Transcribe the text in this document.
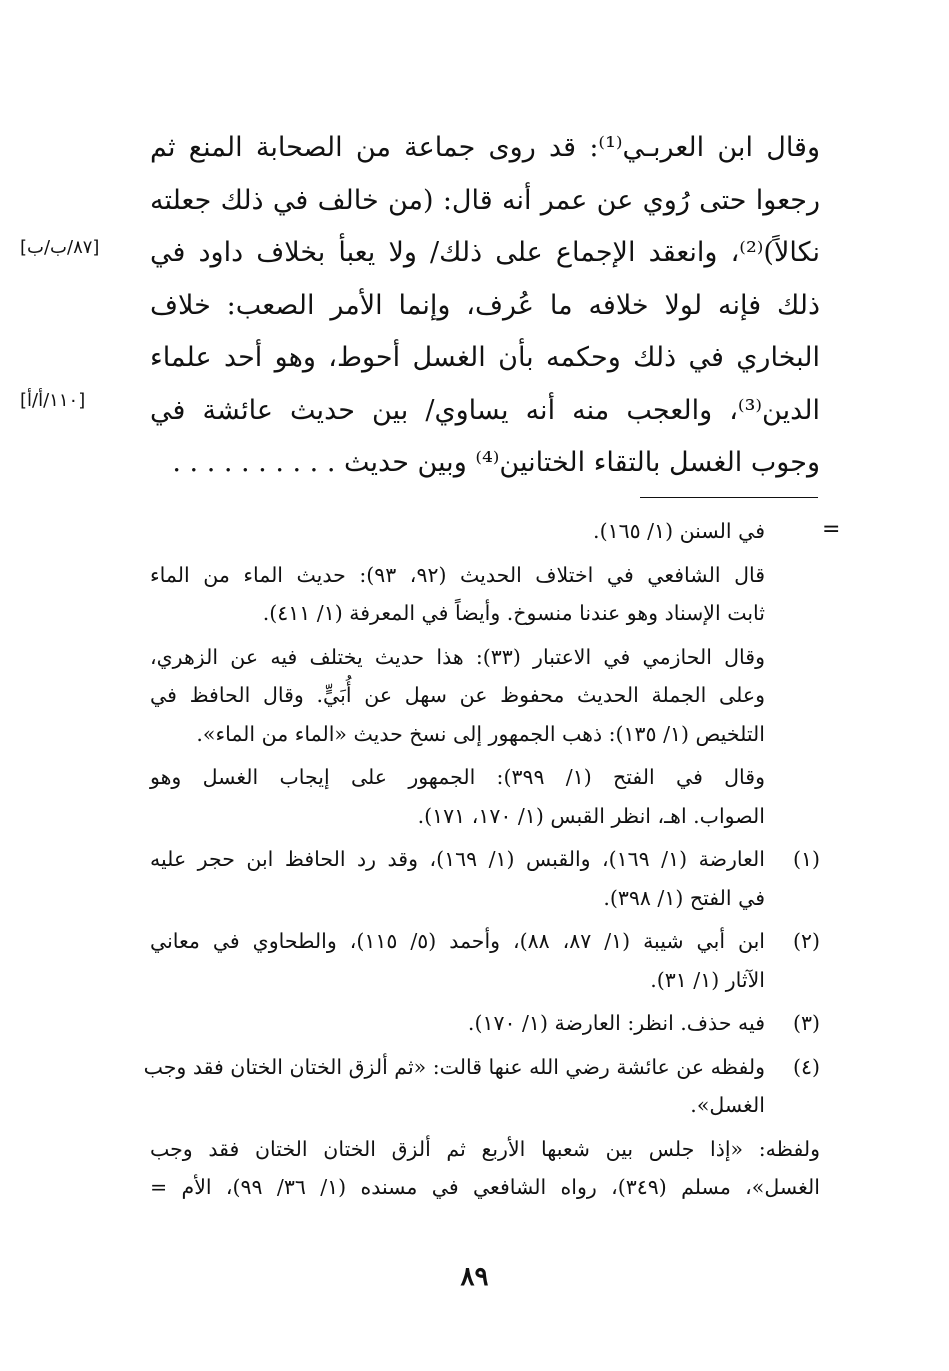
وقال ابن العربـي⁽¹⁾: قد روى جماعة من الصحابة المنع ثم
رجعوا حتى رُوي عن عمر أنه قال: (من خالف في ذلك جعلته
نكالاً)⁽²⁾، وانعقد الإجماع على ذلك/ ولا يعبأ بخلاف داود في
ذلك فإنه لولا خلافه ما عُرف، وإنما الأمر الصعب: خلاف
البخاري في ذلك وحكمه بأن الغسل أحوط، وهو أحد علماء
الدين⁽³⁾، والعجب منه أنه يساوي/ بين حديث عائشة في
وجوب الغسل بالتقاء الختانين⁽⁴⁾ وبين حديث . . . . . . . . . .
[٨٧/ب/ب]
[١١٠/أ/أ]
=
في السنن (١/ ١٦٥).
قال الشافعي في اختلاف الحديث (٩٢، ٩٣): حديث الماء من الماء
ثابت الإسناد وهو عندنا منسوخ. وأيضاً في المعرفة (١/ ٤١١).
وقال الحازمي في الاعتبار (٣٣): هذا حديث يختلف فيه عن الزهري،
وعلى الجملة الحديث محفوظ عن سهل عن أُبَيٍّ. وقال الحافظ في
التلخيص (١/ ١٣٥): ذهب الجمهور إلى نسخ حديث «الماء من الماء».
وقال في الفتح (١/ ٣٩٩): الجمهور على إيجاب الغسل وهو
الصواب. اهـ، انظر القبس (١/ ١٧٠، ١٧١).
(١)
العارضة (١/ ١٦٩)، والقبس (١/ ١٦٩)، وقد رد الحافظ ابن حجر عليه
في الفتح (١/ ٣٩٨).
(٢)
ابن أبي شيبة (١/ ٨٧، ٨٨)، وأحمد (٥/ ١١٥)، والطحاوي في معاني
الآثار (١/ ٣١).
(٣)
فيه حذف. انظر: العارضة (١/ ١٧٠).
(٤)
ولفظه عن عائشة رضي الله عنها قالت: «ثم ألزق الختان الختان فقد وجب
الغسل».
ولفظه: «إذا جلس بين شعبها الأربع ثم ألزق الختان الختان فقد وجب
الغسل»، مسلم (٣٤٩)، رواه الشافعي في مسنده (١/ ٣٦/ ٩٩)، الأم =
٨٩
